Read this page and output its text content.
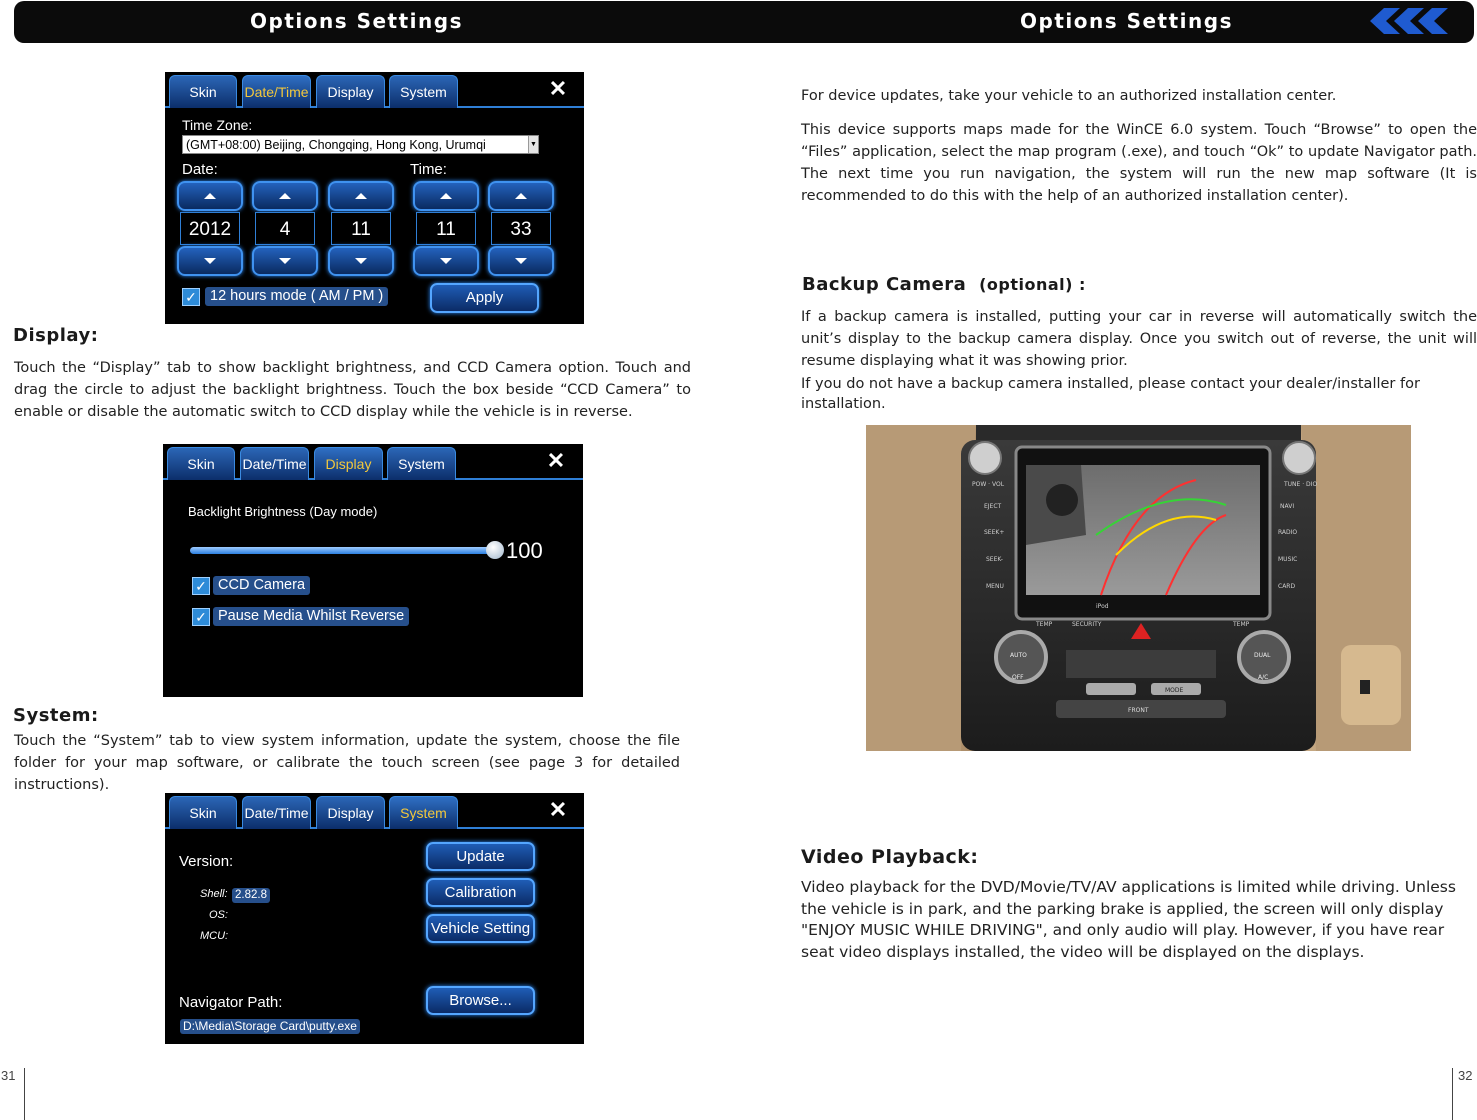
Options Settings	Options Settings
Skin	Date/Time	Display	System	✕
Time Zone:
(GMT+08:00) Beijing, Chongqing, Hong Kong, Urumqi	▼
Date:	Time:
2012	4	11	11	33
✓ 12 hours mode ( AM / PM )	Apply
Display:
Touch the “Display” tab to show backlight brightness, and CCD Camera option. Touch and drag the circle to adjust the backlight brightness. Touch the box beside “CCD Camera” to enable or disable the automatic switch to CCD display while the vehicle is in reverse.
Skin	Date/Time	Display	System	✕
Backlight Brightness (Day mode)
100
✓ CCD Camera
✓ Pause Media Whilst Reverse
System:
Touch the “System” tab to view system information, update the system, choose the file folder for your map software, or calibrate the touch screen (see page 3 for detailed instructions).
Skin	Date/Time	Display	System	✕
Version:
Shell: 2.82.8
OS:
MCU:
Update
Calibration
Vehicle Setting
Navigator Path:
D:\Media\Storage Card\putty.exe
Browse...
For device updates, take your vehicle to an authorized installation center.
This device supports maps made for the WinCE 6.0 system. Touch “Browse” to open the “Files” application, select the map program (.exe), and touch “Ok” to update Navigator path. The next time you run navigation, the system will run the new map software (It is recommended to do this with the help of an authorized installation center).
Backup Camera (optional) :
If a backup camera is installed, putting your car in reverse will automatically switch the unit’s display to the backup camera display. Once you switch out of reverse, the unit will resume displaying what it was showing prior.
If you do not have a backup camera installed, please contact your dealer/installer for installation.
POW · VOL
EJECT
SEEK+
SEEK-
MENU
TUNE · DIO
NAVI
RADIO
MUSIC
CARD
iPod
TEMP	SECURITY	TEMP
AUTO
OFF
DUAL
A/C
MODE
FRONT
Video Playback:
Video playback for the DVD/Movie/TV/AV applications is limited while driving. Unless the vehicle is in park, and the parking brake is applied, the screen will only display "ENJOY MUSIC WHILE DRIVING", and only audio will play. However, if you have rear seat video displays installed, the video will be displayed on the displays.
31	32
